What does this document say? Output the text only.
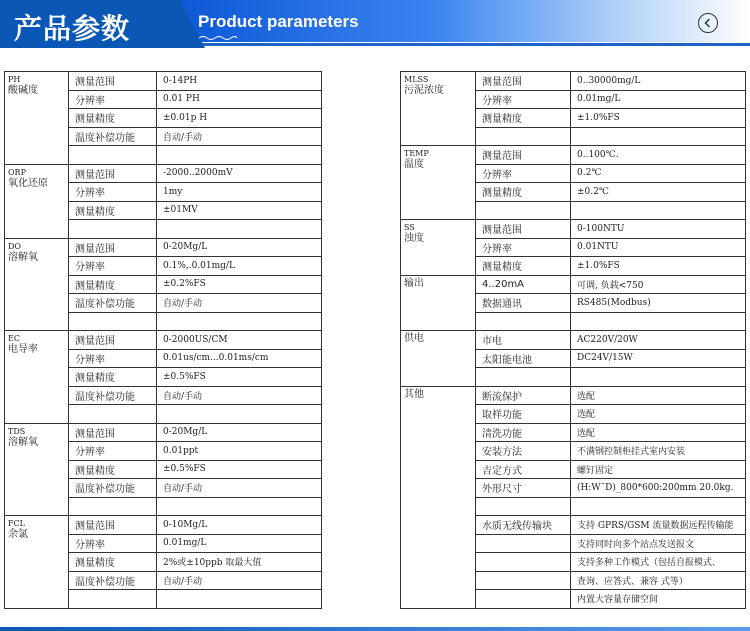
产品参数	Product parameters
PH
酸碱度	测量范围	0-14PH
	分辨率	0.01 PH
	测量精度	±0.01p H
	温度补偿功能	自动/手动

ORP
氧化还原	测量范围	-2000..2000mV
	分辨率	1my
	测量精度	±01MV

DO
溶解氧	测量范围	0-20Mg/L
	分辨率	0.1%,.0.01mg/L
	测量精度	±0.2%FS
	温度补偿功能	自动/手动

EC
电导率	测量范围	0-2000US/CM
	分辨率	0.01us/cm...0.01ms/cm
	测量精度	±0.5%FS
	温度补偿功能	自动/手动

TDS
溶解氧	测量范围	0-20Mg/L
	分辨率	0.01ppt
	测量精度	±0.5%FS
	温度补偿功能	自动/手动

FCL
余氯	测量范围	0-10Mg/L
	分辨率	0.01mg/L
	测量精度	2%或±10ppb 取最大值
	温度补偿功能	自动/手动

MLSS
污泥浓度	测量范围	0..30000mg/L
	分辨率	0.01mg/L
	测量精度	±1.0%FS

TEMP
温度	测量范围	0..100℃.
	分辨率	0.2℃
	测量精度	±0.2℃

SS
浊度	测量范围	0-100NTU
	分辨率	0.01NTU
	测量精度	±1.0%FS

输出	4..20mA	可调, 负载<750
	数据通讯	RS485(Modbus)

供电	市电	AC220V/20W
	太阳能电池	DC24V/15W

其他	断流保护	选配
	取样功能	选配
	清洗功能	选配
	安装方法	不满钢控制柜挂式室内安装
	吉定方式	螺钉固定
	外形尺寸	(H:W˜D)_800*600:200mm 20.0kg.

	水质无线传输块	支持 GPRS/GSM 流量数据远程传输能
		支持同时向多个站点发送报文
		支持多种工作模式（包括自报模式、
		查询、应答式、兼容 式等）
		内置大容量存储空间
